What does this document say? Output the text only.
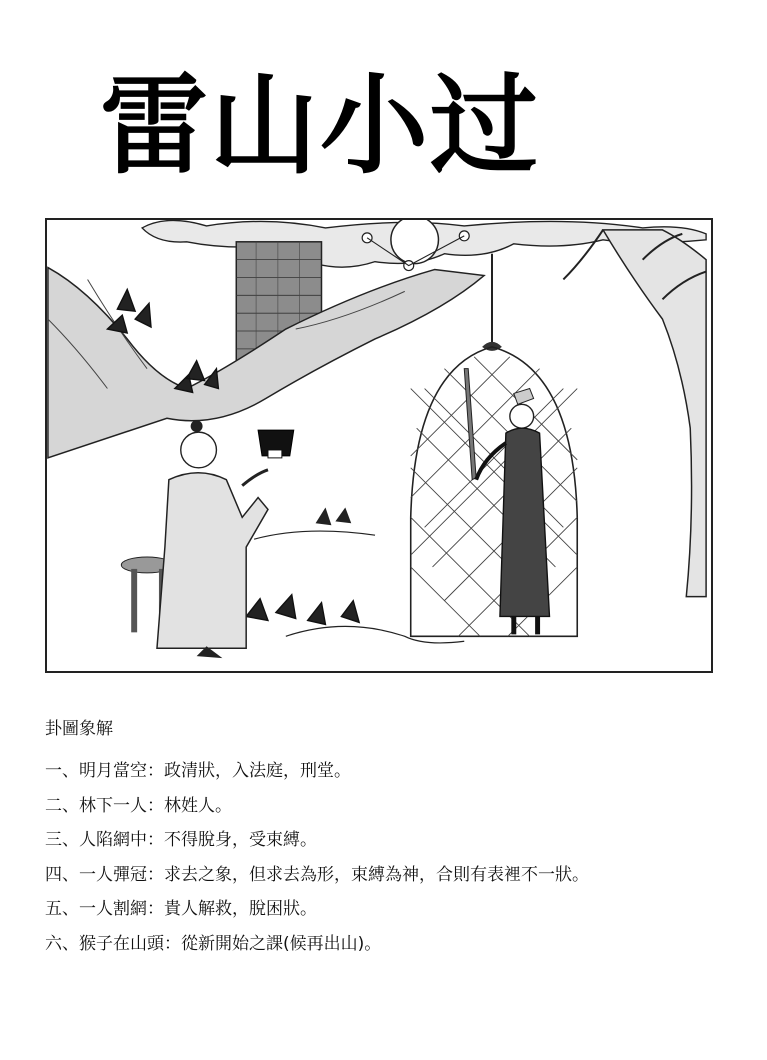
雷山小过
卦圖象解
一、明月當空：政清狀，入法庭，刑堂。
二、林下一人：林姓人。
三、人陷網中：不得脫身，受束縛。
四、一人彈冠：求去之象，但求去為形，束縛為神，合則有表裡不一狀。
五、一人割網：貴人解救，脫困狀。
六、猴子在山頭：從新開始之課(候再出山)。
